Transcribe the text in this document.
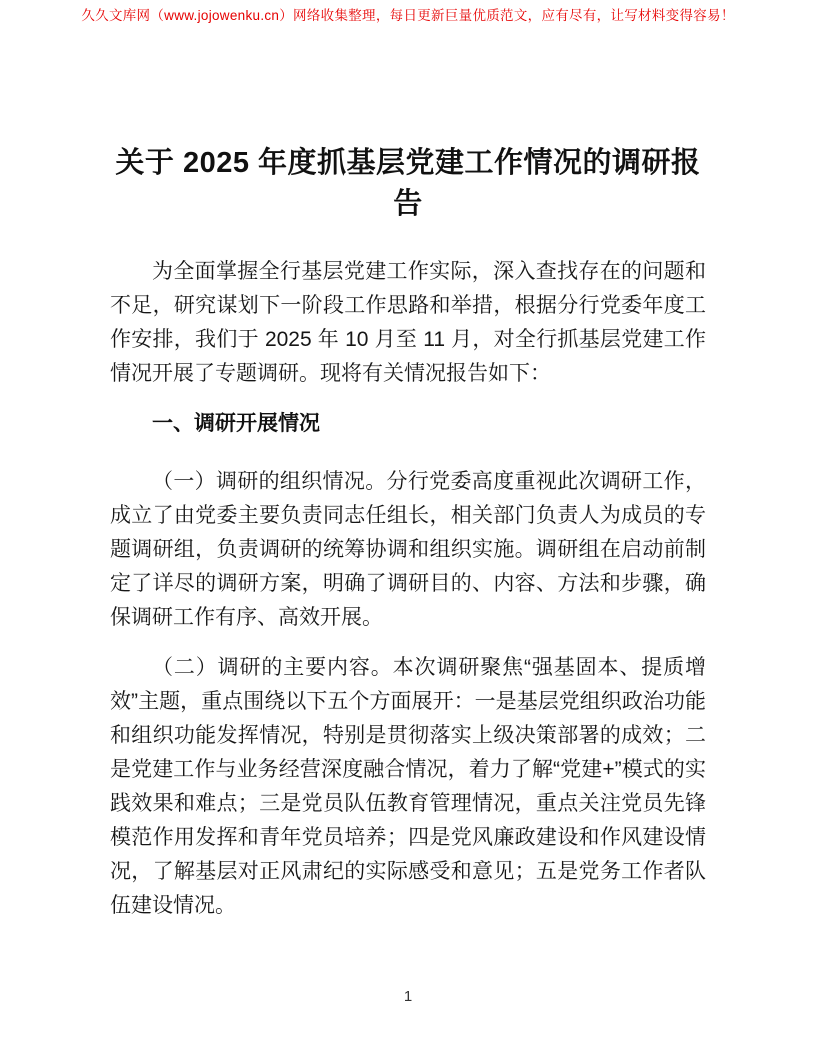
久久文库网（www.jojowenku.cn）网络收集整理，每日更新巨量优质范文，应有尽有，让写材料变得容易！
关于 2025 年度抓基层党建工作情况的调研报告

为全面掌握全行基层党建工作实际，深入查找存在的问题和不足，研究谋划下一阶段工作思路和举措，根据分行党委年度工作安排，我们于 2025 年 10 月至 11 月，对全行抓基层党建工作情况开展了专题调研。现将有关情况报告如下：

一、调研开展情况

（一）调研的组织情况。分行党委高度重视此次调研工作，成立了由党委主要负责同志任组长，相关部门负责人为成员的专题调研组，负责调研的统筹协调和组织实施。调研组在启动前制定了详尽的调研方案，明确了调研目的、内容、方法和步骤，确保调研工作有序、高效开展。

（二）调研的主要内容。本次调研聚焦“强基固本、提质增效”主题，重点围绕以下五个方面展开：一是基层党组织政治功能和组织功能发挥情况，特别是贯彻落实上级决策部署的成效；二是党建工作与业务经营深度融合情况，着力了解“党建+”模式的实践效果和难点；三是党员队伍教育管理情况，重点关注党员先锋模范作用发挥和青年党员培养；四是党风廉政建设和作风建设情况，了解基层对正风肃纪的实际感受和意见；五是党务工作者队伍建设情况。

1
